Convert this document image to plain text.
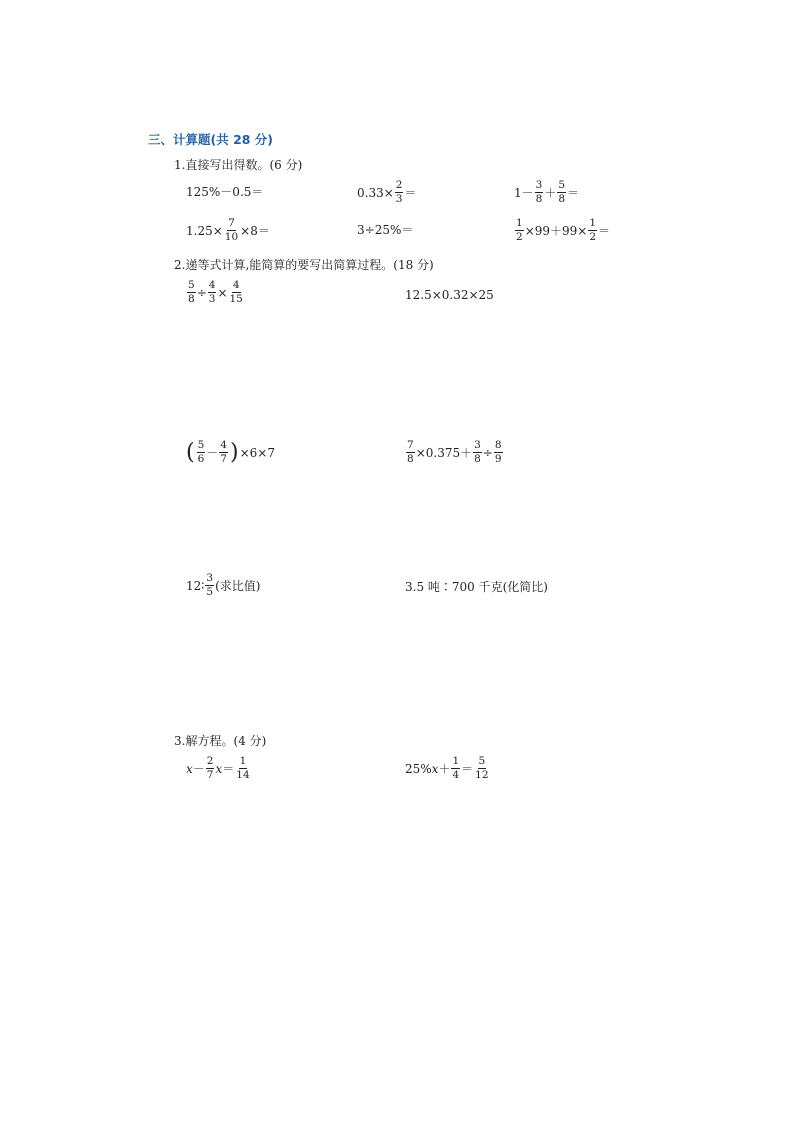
三、计算题(共 28 分)
1.直接写出得数。(6 分)
125%－0.5＝	$0.33\times \frac{2}{3}$ ＝	$1- \frac{3}{8} + \frac{5}{8}$ ＝
$1.25\times \frac{7}{10} \times 8=$	3÷25%＝	$\frac{1}{2} \times 99+99\times \frac{1}{2}$ ＝
2.递等式计算,能简算的要写出简算过程。(18 分)
$\frac{5}{8} \div \frac{4}{3} \times \frac{4}{15}$	12.5×0.32×25
( $\frac{5}{6} - \frac{4}{7}$ ) ×6×7	$\frac{7}{8} \times 0.375+ \frac{3}{8} \div \frac{8}{9}$
12∶ $\frac{3}{5}$ (求比值)	3.5 吨∶700 千克(化简比)
3.解方程。(4 分)
$x - \frac{2}{7}$ $x = \frac{1}{14}$	25% $x + \frac{1}{4} = \frac{5}{12}$
